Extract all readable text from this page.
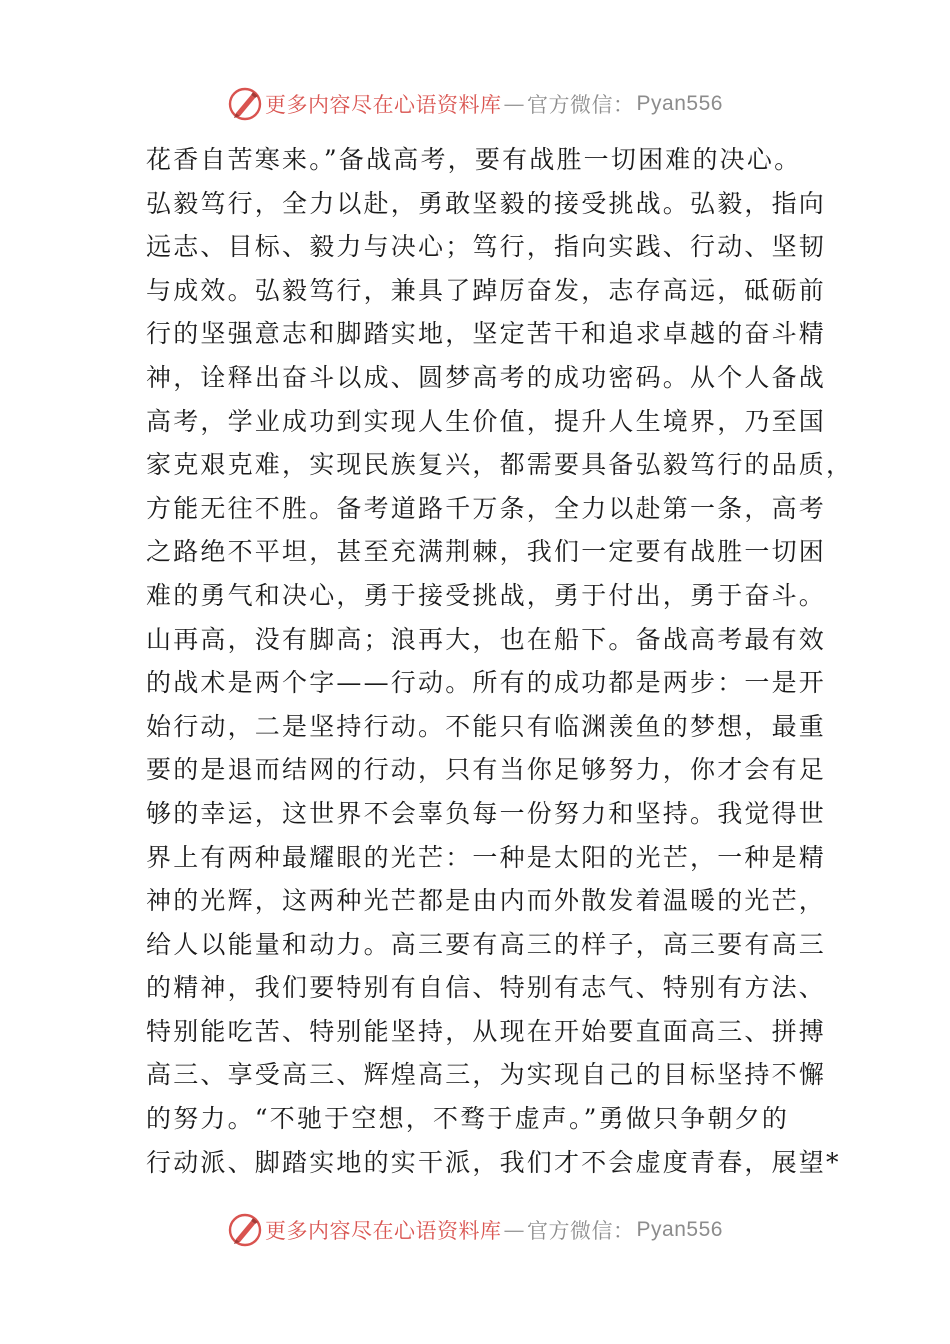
更多内容尽在心语资料库 — 官方微信： Pyan556
花香自苦寒来。”备战高考，要有战胜一切困难的决心。
弘毅笃行，全力以赴，勇敢坚毅的接受挑战。弘毅，指向
远志、目标、毅力与决心；笃行，指向实践、行动、坚韧
与成效。弘毅笃行，兼具了踔厉奋发，志存高远，砥砺前
行的坚强意志和脚踏实地，坚定苦干和追求卓越的奋斗精
神，诠释出奋斗以成、圆梦高考的成功密码。从个人备战
高考，学业成功到实现人生价值，提升人生境界，乃至国
家克艰克难，实现民族复兴，都需要具备弘毅笃行的品质，
方能无往不胜。备考道路千万条，全力以赴第一条，高考
之路绝不平坦，甚至充满荆棘，我们一定要有战胜一切困
难的勇气和决心，勇于接受挑战，勇于付出，勇于奋斗。
山再高，没有脚高；浪再大，也在船下。备战高考最有效
的战术是两个字——行动。所有的成功都是两步：一是开
始行动，二是坚持行动。不能只有临渊羡鱼的梦想，最重
要的是退而结网的行动，只有当你足够努力，你才会有足
够的幸运，这世界不会辜负每一份努力和坚持。我觉得世
界上有两种最耀眼的光芒：一种是太阳的光芒，一种是精
神的光辉，这两种光芒都是由内而外散发着温暖的光芒，
给人以能量和动力。高三要有高三的样子，高三要有高三
的精神，我们要特别有自信、特别有志气、特别有方法、
特别能吃苦、特别能坚持，从现在开始要直面高三、拼搏
高三、享受高三、辉煌高三，为实现自己的目标坚持不懈
的努力。“不驰于空想，不骛于虚声。”勇做只争朝夕的
行动派、脚踏实地的实干派，我们才不会虚度青春，展望*
更多内容尽在心语资料库 — 官方微信： Pyan556
